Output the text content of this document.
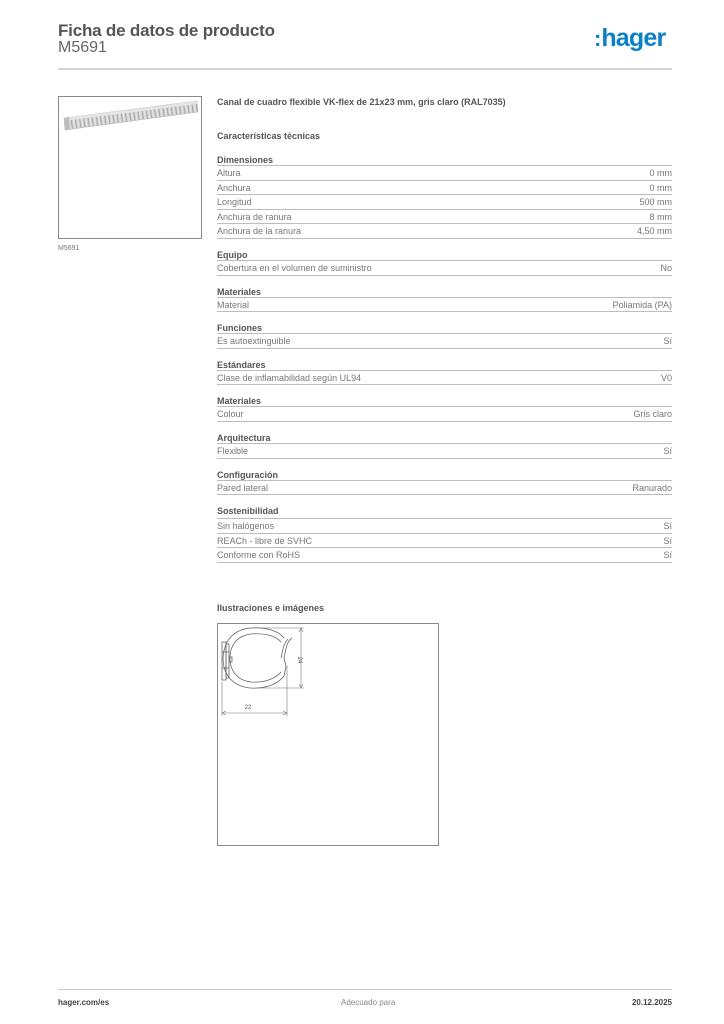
Ficha de datos de producto
M5691	:hager
M5691
Canal de cuadro flexible VK-flex de 21x23 mm, gris claro (RAL7035)
Características técnicas
Dimensiones
Altura	0 mm
Anchura	0 mm
Longitud	500 mm
Anchura de ranura	8 mm
Anchura de la ranura	4,50 mm
Equipo
Cobertura en el volumen de suministro	No
Materiales
Material	Poliamida (PA)
Funciones
Es autoextinguible	Sí
Estándares
Clase de inflamabilidad según UL94	V0
Materiales
Colour	Gris claro
Arquitectura
Flexible	Sí
Configuración
Pared lateral	Ranurado
Sostenibilidad
Sin halógenos	Sí
REACh - libre de SVHC	Sí
Conforme con RoHS	Sí
Ilustraciones e imágenes
24
22
hager.com/es	Adecuado para	20.12.2025
